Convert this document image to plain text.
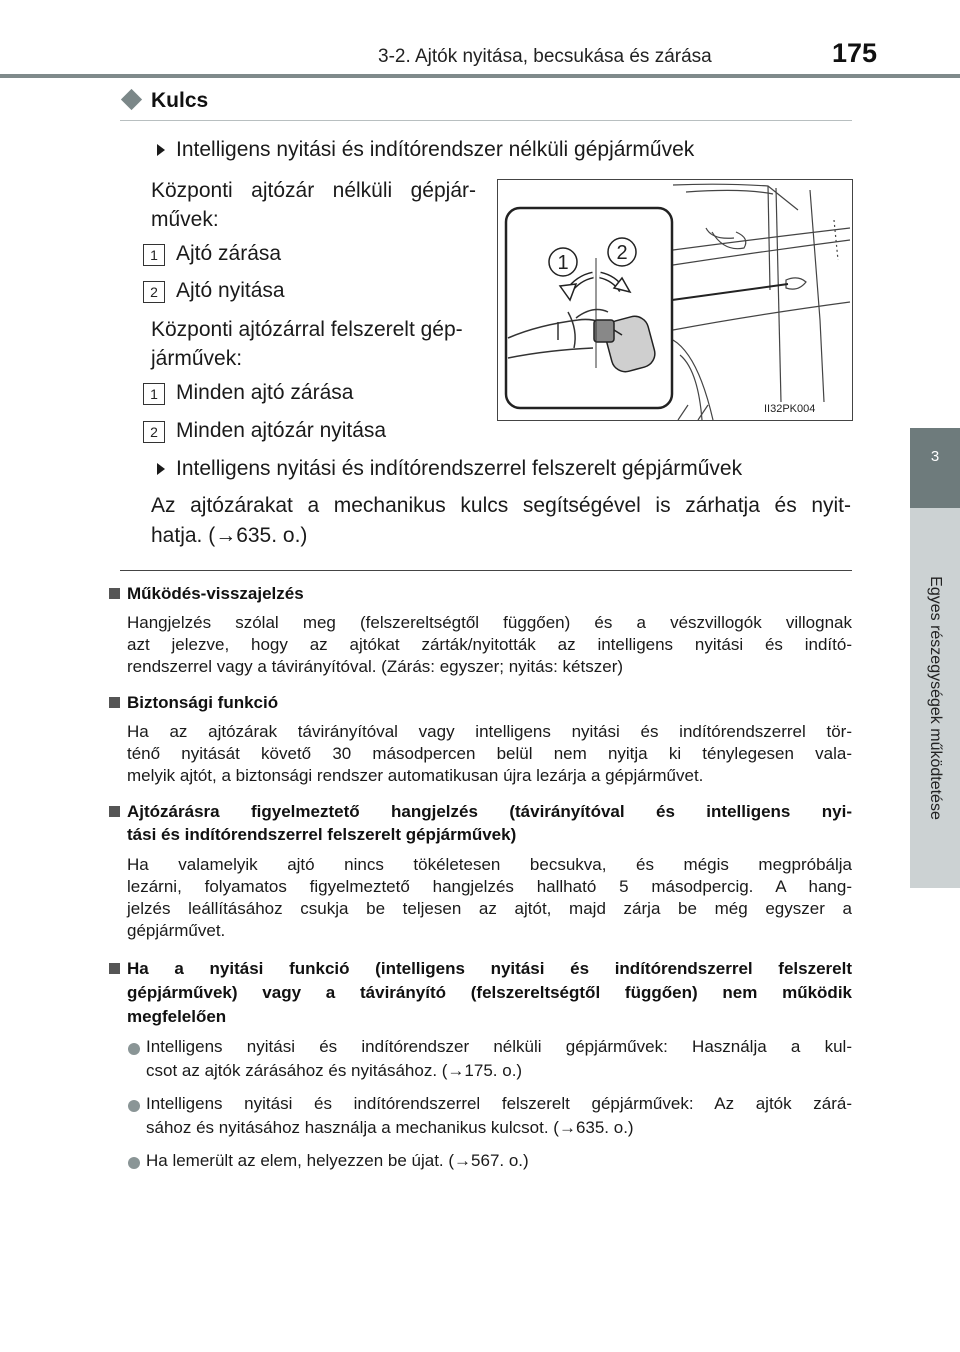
3-2. Ajtók nyitása, becsukása és zárása	175
3
Egyes részegységek működtetése
Kulcs
Intelligens nyitási és indítórendszer nélküli gépjárművek
Központi ajtózár nélküli gépjár-
művek:
1 Ajtó zárása
2 Ajtó nyitása
Központi ajtózárral felszerelt gép-
járművek:
1 Minden ajtó zárása
2 Minden ajtózár nyitása
Intelligens nyitási és indítórendszerrel felszerelt gépjárművek
Az ajtózárakat a mechanikus kulcs segítségével is zárhatja és nyit-
hatja. (→635. o.)
1 2
II32PK004
Működés-visszajelzés
Hangjelzés szólal meg (felszereltségtől függően) és a vészvillogók villognak
azt jelezve, hogy az ajtókat zárták/nyitották az intelligens nyitási és indító-
rendszerrel vagy a távirányítóval. (Zárás: egyszer; nyitás: kétszer)
Biztonsági funkció
Ha az ajtózárak távirányítóval vagy intelligens nyitási és indítórendszerrel tör-
ténő nyitását követő 30 másodpercen belül nem nyitja ki ténylegesen vala-
melyik ajtót, a biztonsági rendszer automatikusan újra lezárja a gépjárművet.
Ajtózárásra figyelmeztető hangjelzés (távirányítóval és intelligens nyi-
tási és indítórendszerrel felszerelt gépjárművek)
Ha valamelyik ajtó nincs tökéletesen becsukva, és mégis megpróbálja
lezárni, folyamatos figyelmeztető hangjelzés hallható 5 másodpercig. A hang-
jelzés leállításához csukja be teljesen az ajtót, majd zárja be még egyszer a
gépjárművet.
Ha a nyitási funkció (intelligens nyitási és indítórendszerrel felszerelt
gépjárművek) vagy a távirányító (felszereltségtől függően) nem működik
megfelelően
Intelligens nyitási és indítórendszer nélküli gépjárművek: Használja a kul-
csot az ajtók zárásához és nyitásához. (→175. o.)
Intelligens nyitási és indítórendszerrel felszerelt gépjárművek: Az ajtók zárá-
sához és nyitásához használja a mechanikus kulcsot. (→635. o.)
Ha lemerült az elem, helyezzen be újat. (→567. o.)
